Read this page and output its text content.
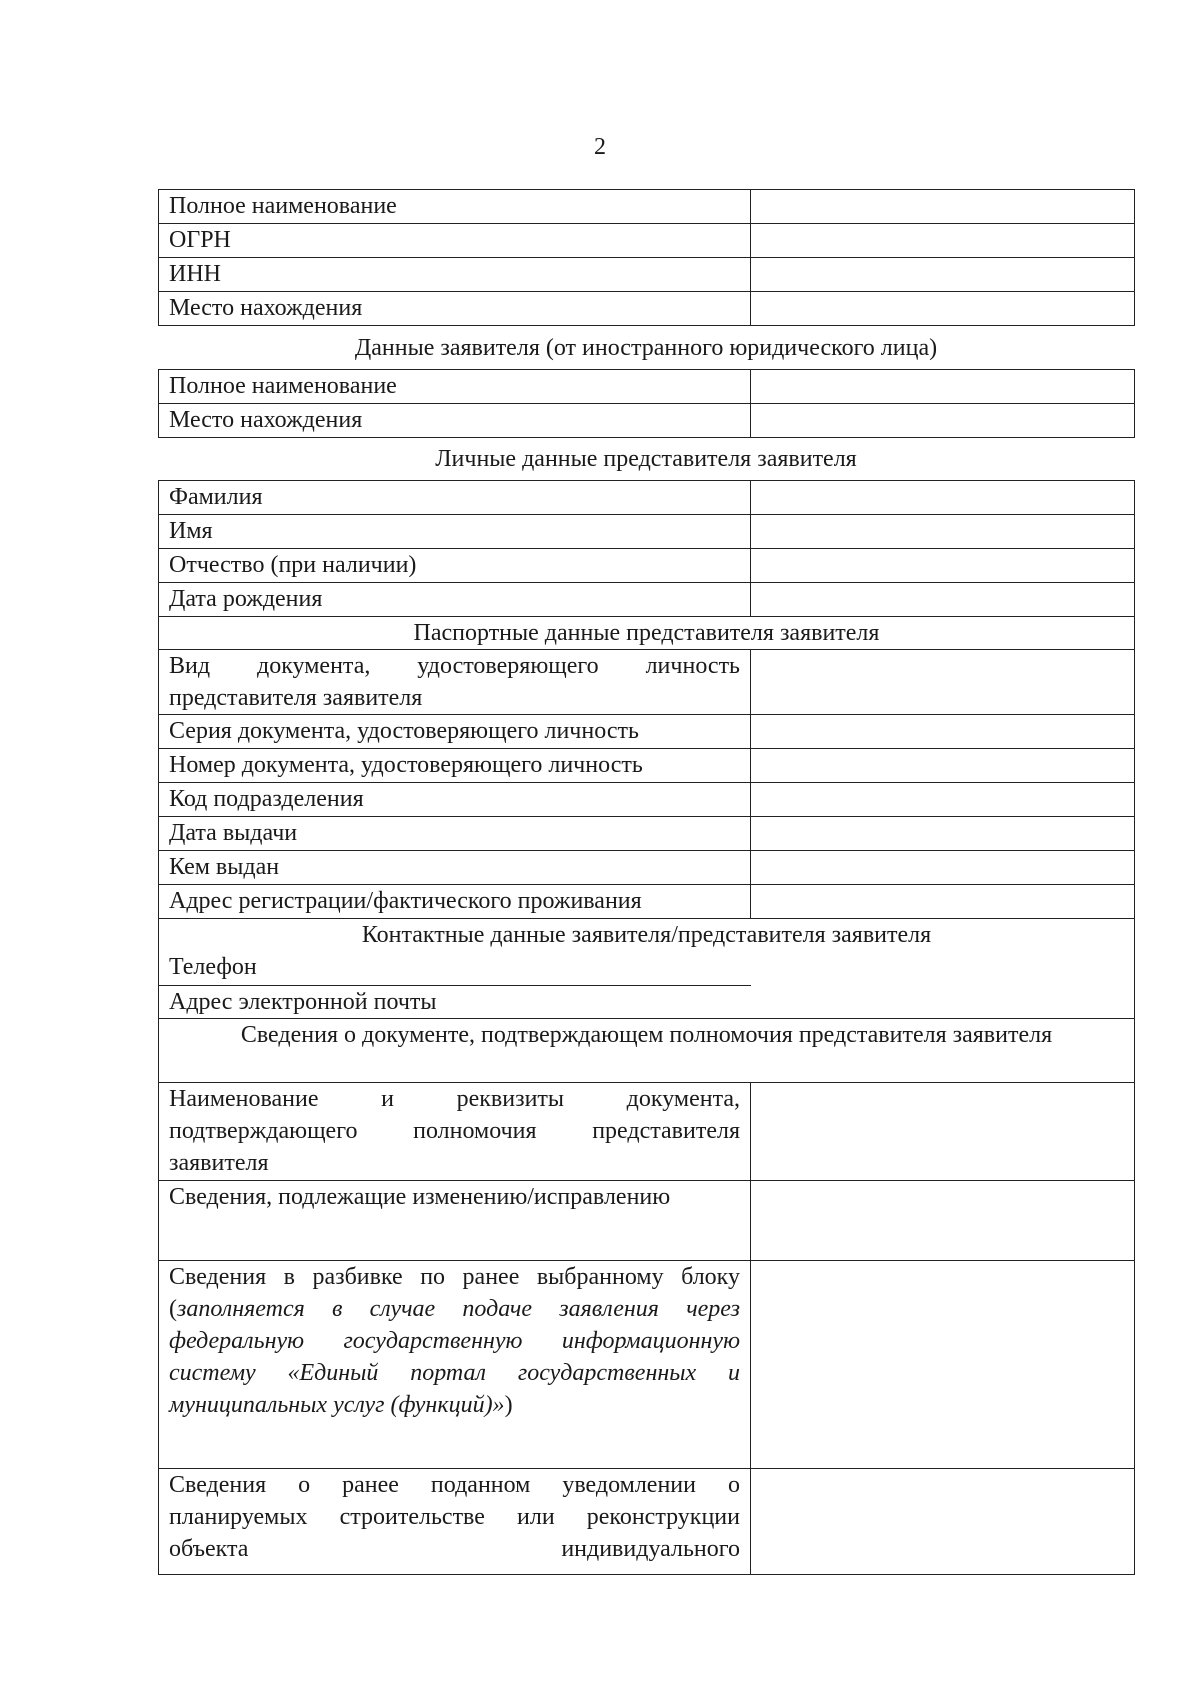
2
Полное наименование	
ОГРН	
ИНН	
Место нахождения	
Данные заявителя (от иностранного юридического лица)
Полное наименование	
Место нахождения	
Личные данные представителя заявителя
Фамилия	
Имя	
Отчество (при наличии)	
Дата рождения	
Паспортные данные представителя заявителя	
Вид документа, удостоверяющего личность представителя заявителя	
Серия документа, удостоверяющего личность	
Номер документа, удостоверяющего личность	
Код подразделения	
Дата выдачи	
Кем выдан	
Адрес регистрации/фактического проживания	
Контактные данные заявителя/представителя заявителя	
Телефон	
Адрес электронной почты	
Сведения о документе, подтверждающем полномочия представителя заявителя	
Наименование и реквизиты документа, подтверждающего полномочия представителя заявителя	
Сведения, подлежащие изменению/исправлению	
Сведения в разбивке по ранее выбранному блоку (заполняется в случае подаче заявления через федеральную государственную информационную систему «Единый портал государственных и муниципальных услуг (функций)»)	
Сведения о ранее поданном уведомлении о планируемых строительстве или реконструкции объекта индивидуального	
